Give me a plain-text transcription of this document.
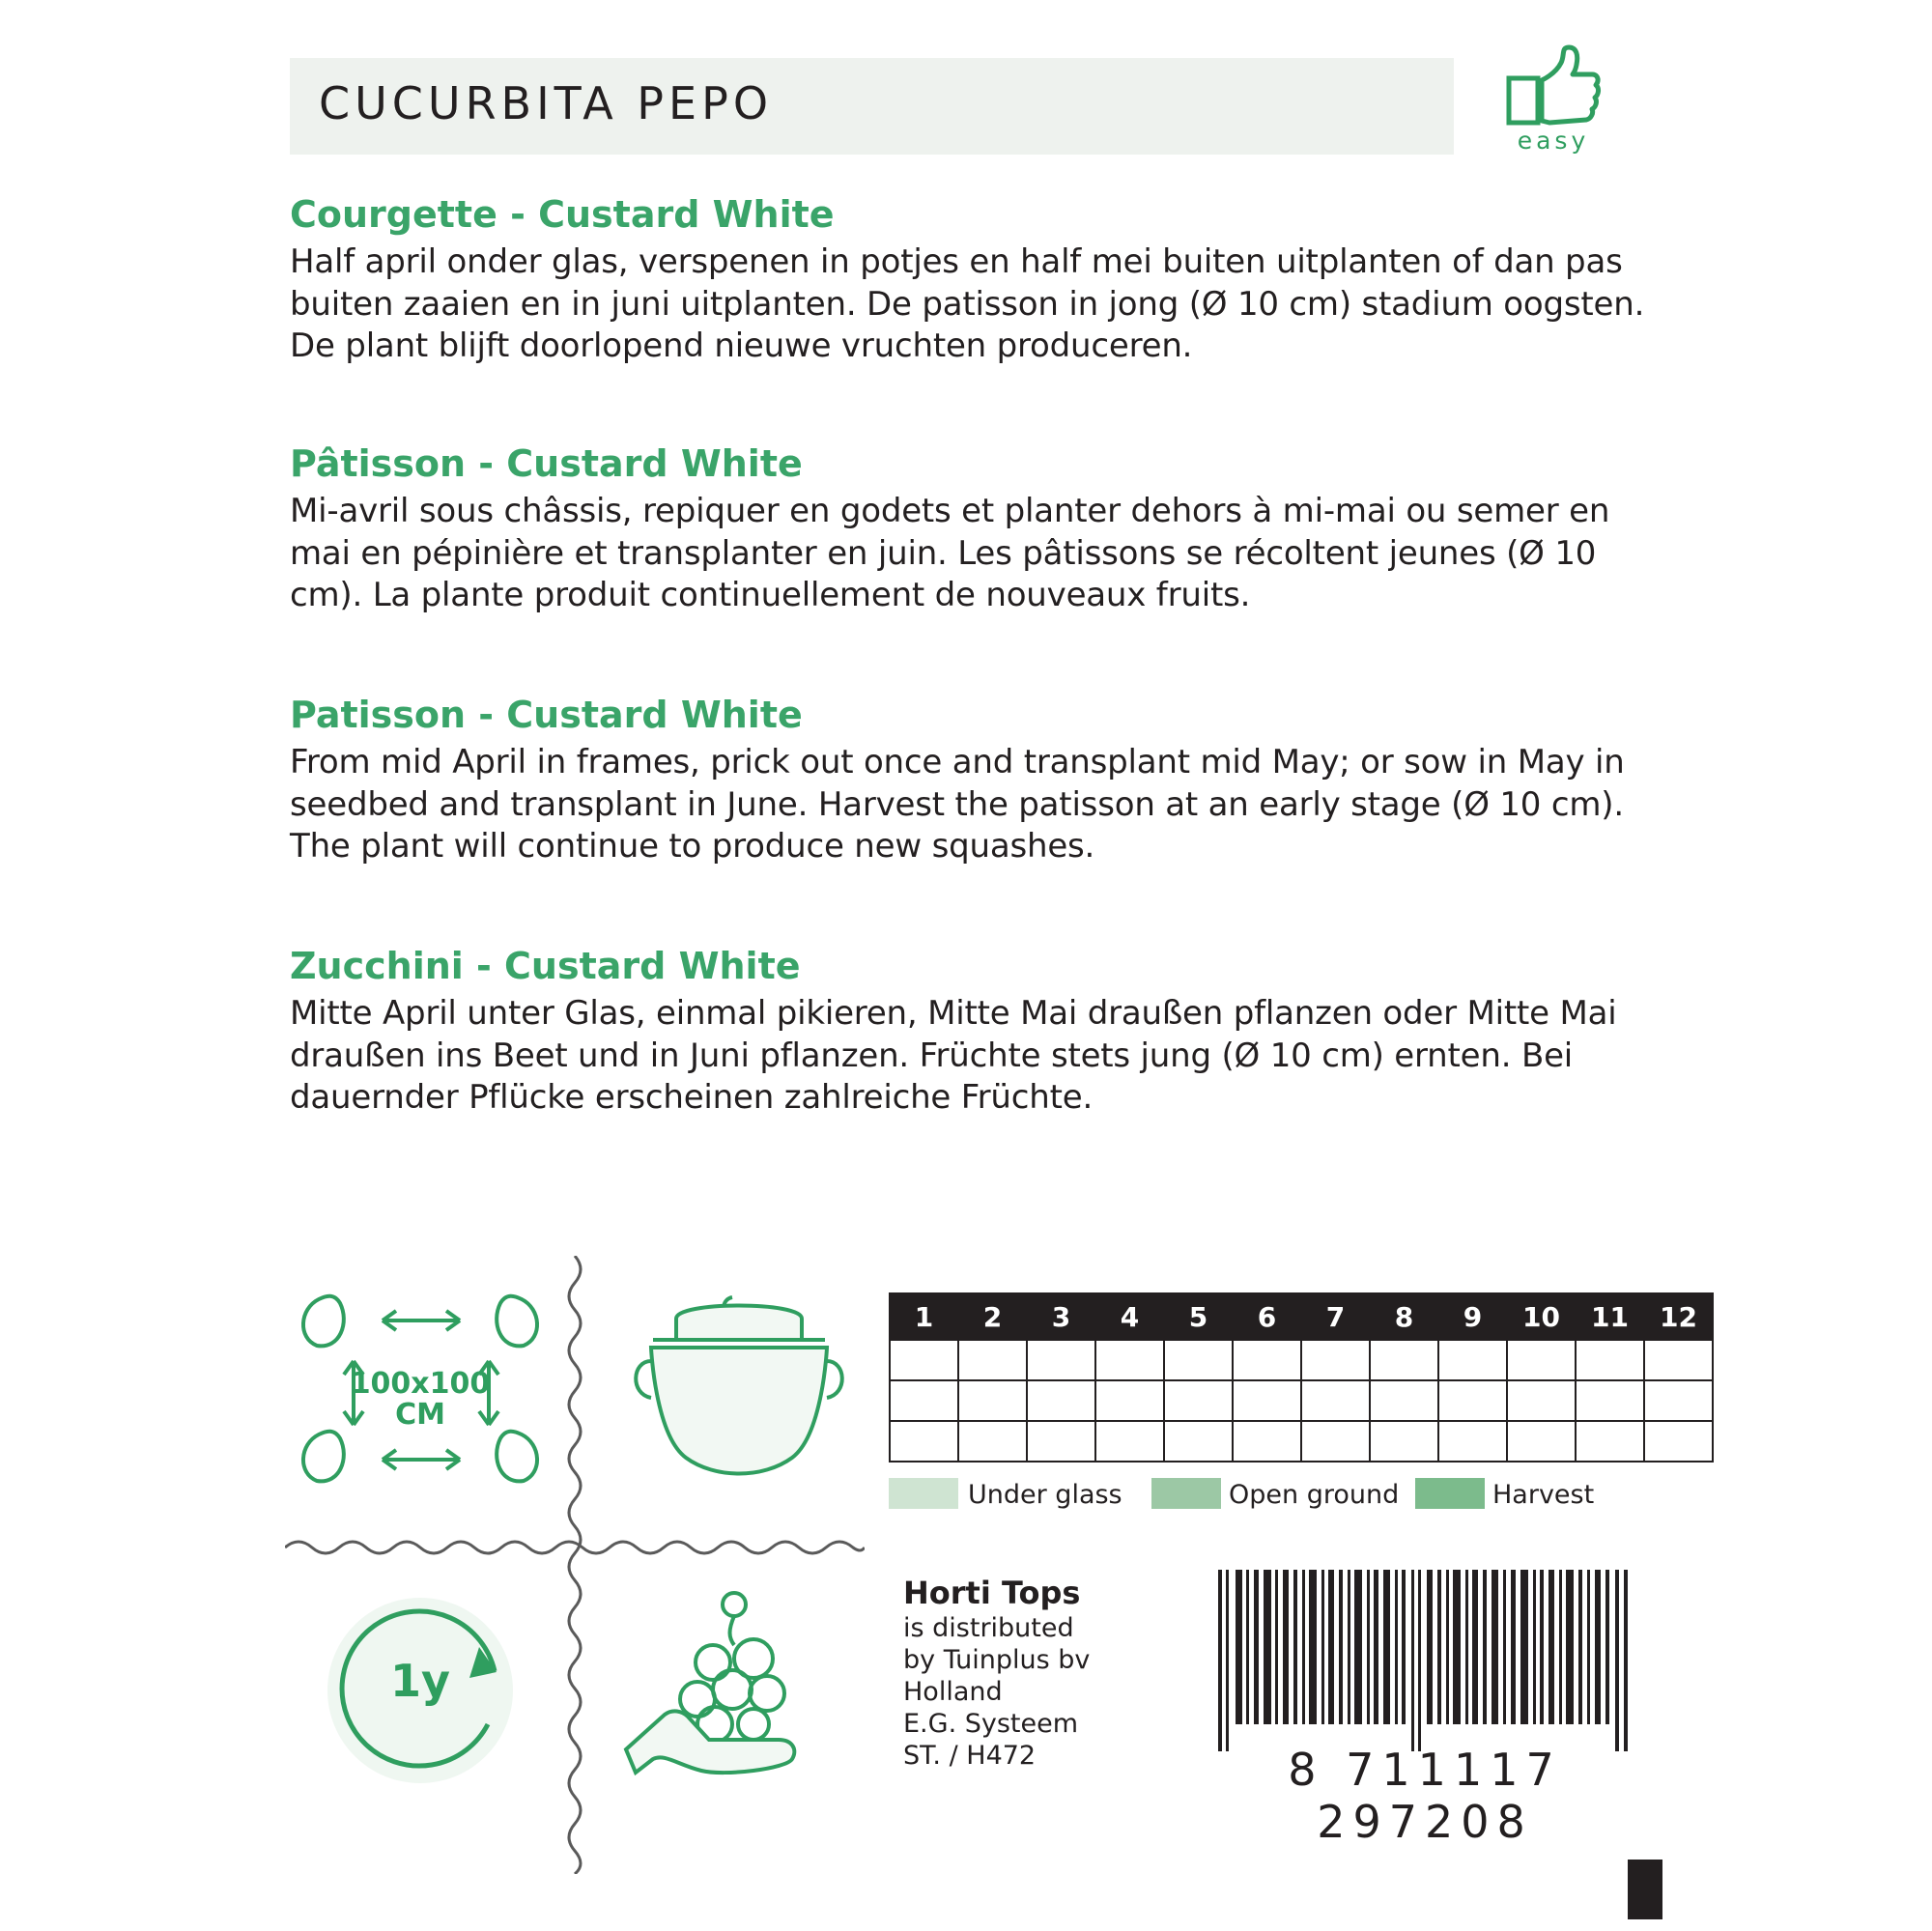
CUCURBITA PEPO
easy
Courgette - Custard White

Half april onder glas, verspenen in potjes en half mei buiten uitplanten of dan pas buiten zaaien en in juni uitplanten. De patisson in jong (Ø 10 cm) stadium oogsten. De plant blijft doorlopend nieuwe vruchten produceren.

Pâtisson - Custard White

Mi-avril sous châssis, repiquer en godets et planter dehors à mi-mai ou semer en mai en pépinière et transplanter en juin. Les pâtissons se récoltent jeunes (Ø 10 cm). La plante produit continuellement de nouveaux fruits.

Patisson - Custard White

From mid April in frames, prick out once and transplant mid May; or sow in May in seedbed and transplant in June. Harvest the patisson at an early stage (Ø 10 cm). The plant will continue to produce new squashes.

Zucchini - Custard White

Mitte April unter Glas, einmal pikieren, Mitte Mai draußen pflanzen oder Mitte Mai draußen ins Beet und in Juni pflanzen. Früchte stets jung (Ø 10 cm) ernten. Bei dauernder Pflücke erscheinen zahlreiche Früchte.

100x100
CM
1y
1	2	3	4	5	6	7	8	9	10	11	12

Under glass	Open ground	Harvest
Horti Tops
is distributed
by Tuinplus bv
Holland
E.G. Systeem
ST. / H472	8 711117 297208
